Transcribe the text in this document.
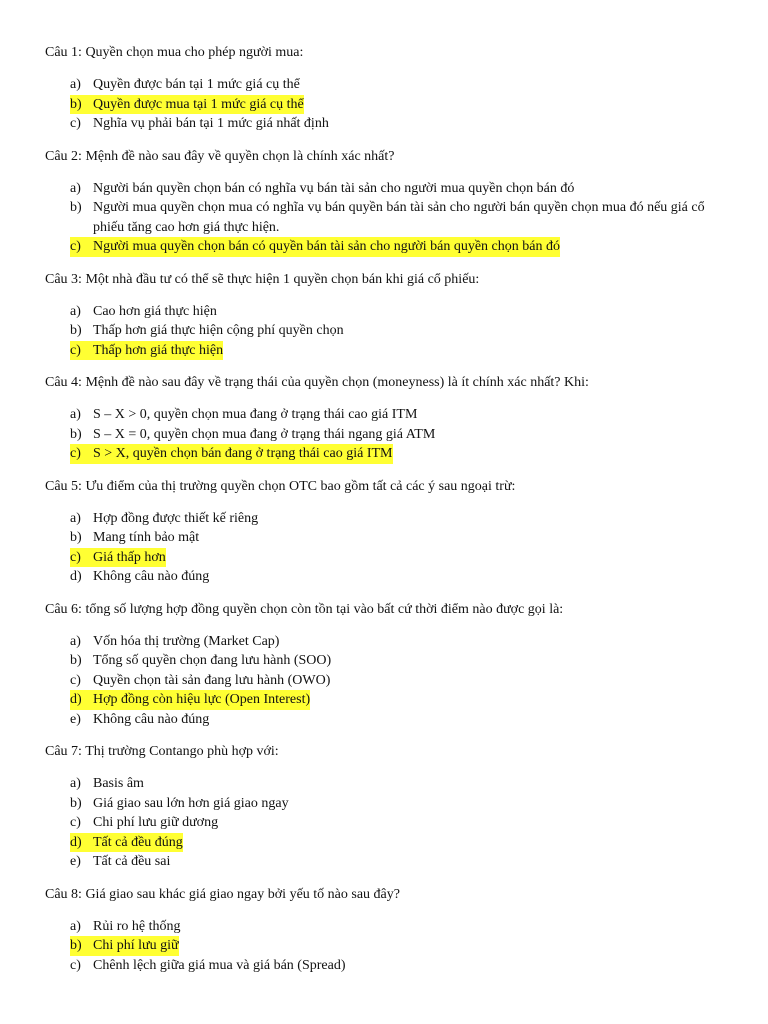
Câu 1: Quyền chọn mua cho phép người mua:

a) Quyền được bán tại 1 mức giá cụ thể
b) Quyền được mua tại 1 mức giá cụ thể
c) Nghĩa vụ phải bán tại 1 mức giá nhất định

Câu 2: Mệnh đề nào sau đây về quyền chọn là chính xác nhất?

a) Người bán quyền chọn bán có nghĩa vụ bán tài sản cho người mua quyền chọn bán đó
b) Người mua quyền chọn mua có nghĩa vụ bán quyền bán tài sản cho người bán quyền chọn mua đó nếu giá cổ phiếu tăng cao hơn giá thực hiện.
c) Người mua quyền chọn bán có quyền bán tài sản cho người bán quyền chọn bán đó

Câu 3: Một nhà đầu tư có thể sẽ thực hiện 1 quyền chọn bán khi giá cổ phiếu:

a) Cao hơn giá thực hiện
b) Thấp hơn giá thực hiện cộng phí quyền chọn
c) Thấp hơn giá thực hiện

Câu 4: Mệnh đề nào sau đây về trạng thái của quyền chọn (moneyness) là ít chính xác nhất? Khi:

a) S – X > 0, quyền chọn mua đang ở trạng thái cao giá ITM
b) S – X = 0, quyền chọn mua đang ở trạng thái ngang giá ATM
c) S > X, quyền chọn bán đang ở trạng thái cao giá ITM

Câu 5: Ưu điểm của thị trường quyền chọn OTC bao gồm tất cả các ý sau ngoại trừ:

a) Hợp đồng được thiết kế riêng
b) Mang tính bảo mật
c) Giá thấp hơn
d) Không câu nào đúng

Câu 6: tổng số lượng hợp đồng quyền chọn còn tồn tại vào bất cứ thời điểm nào được gọi là:

a) Vốn hóa thị trường (Market Cap)
b) Tổng số quyền chọn đang lưu hành (SOO)
c) Quyền chọn tài sản đang lưu hành (OWO)
d) Hợp đồng còn hiệu lực (Open Interest)
e) Không câu nào đúng

Câu 7: Thị trường Contango phù hợp với:

a) Basis âm
b) Giá giao sau lớn hơn giá giao ngay
c) Chi phí lưu giữ dương
d) Tất cả đều đúng
e) Tất cả đều sai

Câu 8: Giá giao sau khác giá giao ngay bởi yếu tố nào sau đây?

a) Rủi ro hệ thống
b) Chi phí lưu giữ
c) Chênh lệch giữa giá mua và giá bán (Spread)
